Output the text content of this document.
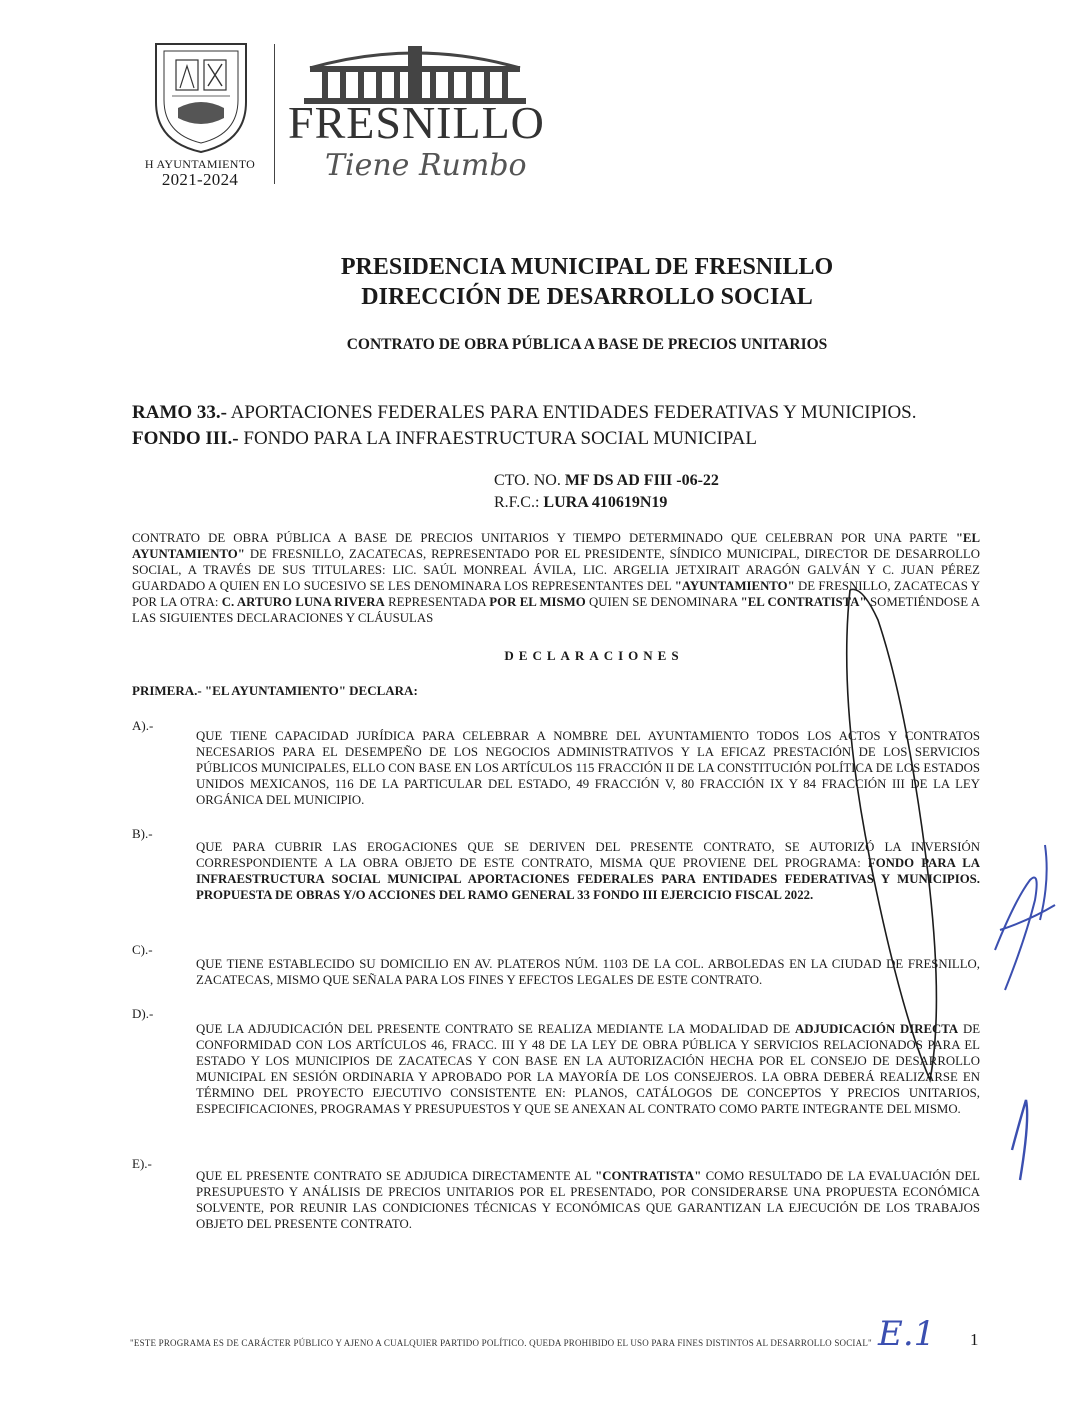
H AYUNTAMIENTO
2021-2024
FRESNILLO
Tiene Rumbo
PRESIDENCIA MUNICIPAL DE FRESNILLO
DIRECCIÓN DE DESARROLLO SOCIAL
CONTRATO DE OBRA PÚBLICA A BASE DE PRECIOS UNITARIOS
RAMO 33.- APORTACIONES FEDERALES PARA ENTIDADES FEDERATIVAS Y MUNICIPIOS.
FONDO III.- FONDO PARA LA INFRAESTRUCTURA SOCIAL MUNICIPAL
CTO. NO. MF DS AD FIII -06-22
R.F.C.: LURA 410619N19
CONTRATO DE OBRA PÚBLICA A BASE DE PRECIOS UNITARIOS Y TIEMPO DETERMINADO QUE CELEBRAN POR UNA PARTE "EL AYUNTAMIENTO" DE FRESNILLO, ZACATECAS, REPRESENTADO POR EL PRESIDENTE, SÍNDICO MUNICIPAL, DIRECTOR DE DESARROLLO SOCIAL, A TRAVÉS DE SUS TITULARES: LIC. SAÚL MONREAL ÁVILA, LIC. ARGELIA JETXIRAIT ARAGÓN GALVÁN Y C. JUAN PÉREZ GUARDADO A QUIEN EN LO SUCESIVO SE LES DENOMINARA LOS REPRESENTANTES DEL "AYUNTAMIENTO" DE FRESNILLO, ZACATECAS Y POR LA OTRA: C. ARTURO LUNA RIVERA REPRESENTADA POR EL MISMO QUIEN SE DENOMINARA "EL CONTRATISTA" SOMETIÉNDOSE A LAS SIGUIENTES DECLARACIONES Y CLÁUSULAS
DECLARACIONES
PRIMERA.- "EL AYUNTAMIENTO" DECLARA:
A).-
QUE TIENE CAPACIDAD JURÍDICA PARA CELEBRAR A NOMBRE DEL AYUNTAMIENTO TODOS LOS ACTOS Y CONTRATOS NECESARIOS PARA EL DESEMPEÑO DE LOS NEGOCIOS ADMINISTRATIVOS Y LA EFICAZ PRESTACIÓN DE LOS SERVICIOS PÚBLICOS MUNICIPALES, ELLO CON BASE EN LOS ARTÍCULOS 115 FRACCIÓN II DE LA CONSTITUCIÓN POLÍTICA DE LOS ESTADOS UNIDOS MEXICANOS, 116 DE LA PARTICULAR DEL ESTADO, 49 FRACCIÓN V, 80 FRACCIÓN IX Y 84 FRACCIÓN III DE LA LEY ORGÁNICA DEL MUNICIPIO.
B).-
QUE PARA CUBRIR LAS EROGACIONES QUE SE DERIVEN DEL PRESENTE CONTRATO, SE AUTORIZÓ LA INVERSIÓN CORRESPONDIENTE A LA OBRA OBJETO DE ESTE CONTRATO, MISMA QUE PROVIENE DEL PROGRAMA: FONDO PARA LA INFRAESTRUCTURA SOCIAL MUNICIPAL APORTACIONES FEDERALES PARA ENTIDADES FEDERATIVAS Y MUNICIPIOS. PROPUESTA DE OBRAS Y/O ACCIONES DEL RAMO GENERAL 33 FONDO III EJERCICIO FISCAL 2022.
C).-
QUE TIENE ESTABLECIDO SU DOMICILIO EN AV. PLATEROS NÚM. 1103 DE LA COL. ARBOLEDAS EN LA CIUDAD DE FRESNILLO, ZACATECAS, MISMO QUE SEÑALA PARA LOS FINES Y EFECTOS LEGALES DE ESTE CONTRATO.
D).-
QUE LA ADJUDICACIÓN DEL PRESENTE CONTRATO SE REALIZA MEDIANTE LA MODALIDAD DE ADJUDICACIÓN DIRECTA DE CONFORMIDAD CON LOS ARTÍCULOS 46, FRACC. III Y 48 DE LA LEY DE OBRA PÚBLICA Y SERVICIOS RELACIONADOS PARA EL ESTADO Y LOS MUNICIPIOS DE ZACATECAS Y CON BASE EN LA AUTORIZACIÓN HECHA POR EL CONSEJO DE DESARROLLO MUNICIPAL EN SESIÓN ORDINARIA Y APROBADO POR LA MAYORÍA DE LOS CONSEJEROS. LA OBRA DEBERÁ REALIZARSE EN TÉRMINO DEL PROYECTO EJECUTIVO CONSISTENTE EN: PLANOS, CATÁLOGOS DE CONCEPTOS Y PRECIOS UNITARIOS, ESPECIFICACIONES, PROGRAMAS Y PRESUPUESTOS Y QUE SE ANEXAN AL CONTRATO COMO PARTE INTEGRANTE DEL MISMO.
E).-
QUE EL PRESENTE CONTRATO SE ADJUDICA DIRECTAMENTE AL "CONTRATISTA" COMO RESULTADO DE LA EVALUACIÓN DEL PRESUPUESTO Y ANÁLISIS DE PRECIOS UNITARIOS POR EL PRESENTADO, POR CONSIDERARSE UNA PROPUESTA ECONÓMICA SOLVENTE, POR REUNIR LAS CONDICIONES TÉCNICAS Y ECONÓMICAS QUE GARANTIZAN LA EJECUCIÓN DE LOS TRABAJOS OBJETO DEL PRESENTE CONTRATO.
"ESTE PROGRAMA ES DE CARÁCTER PÚBLICO Y AJENO A CUALQUIER PARTIDO POLÍTICO. QUEDA PROHIBIDO EL USO PARA FINES DISTINTOS AL DESARROLLO SOCIAL"	1
E.1
